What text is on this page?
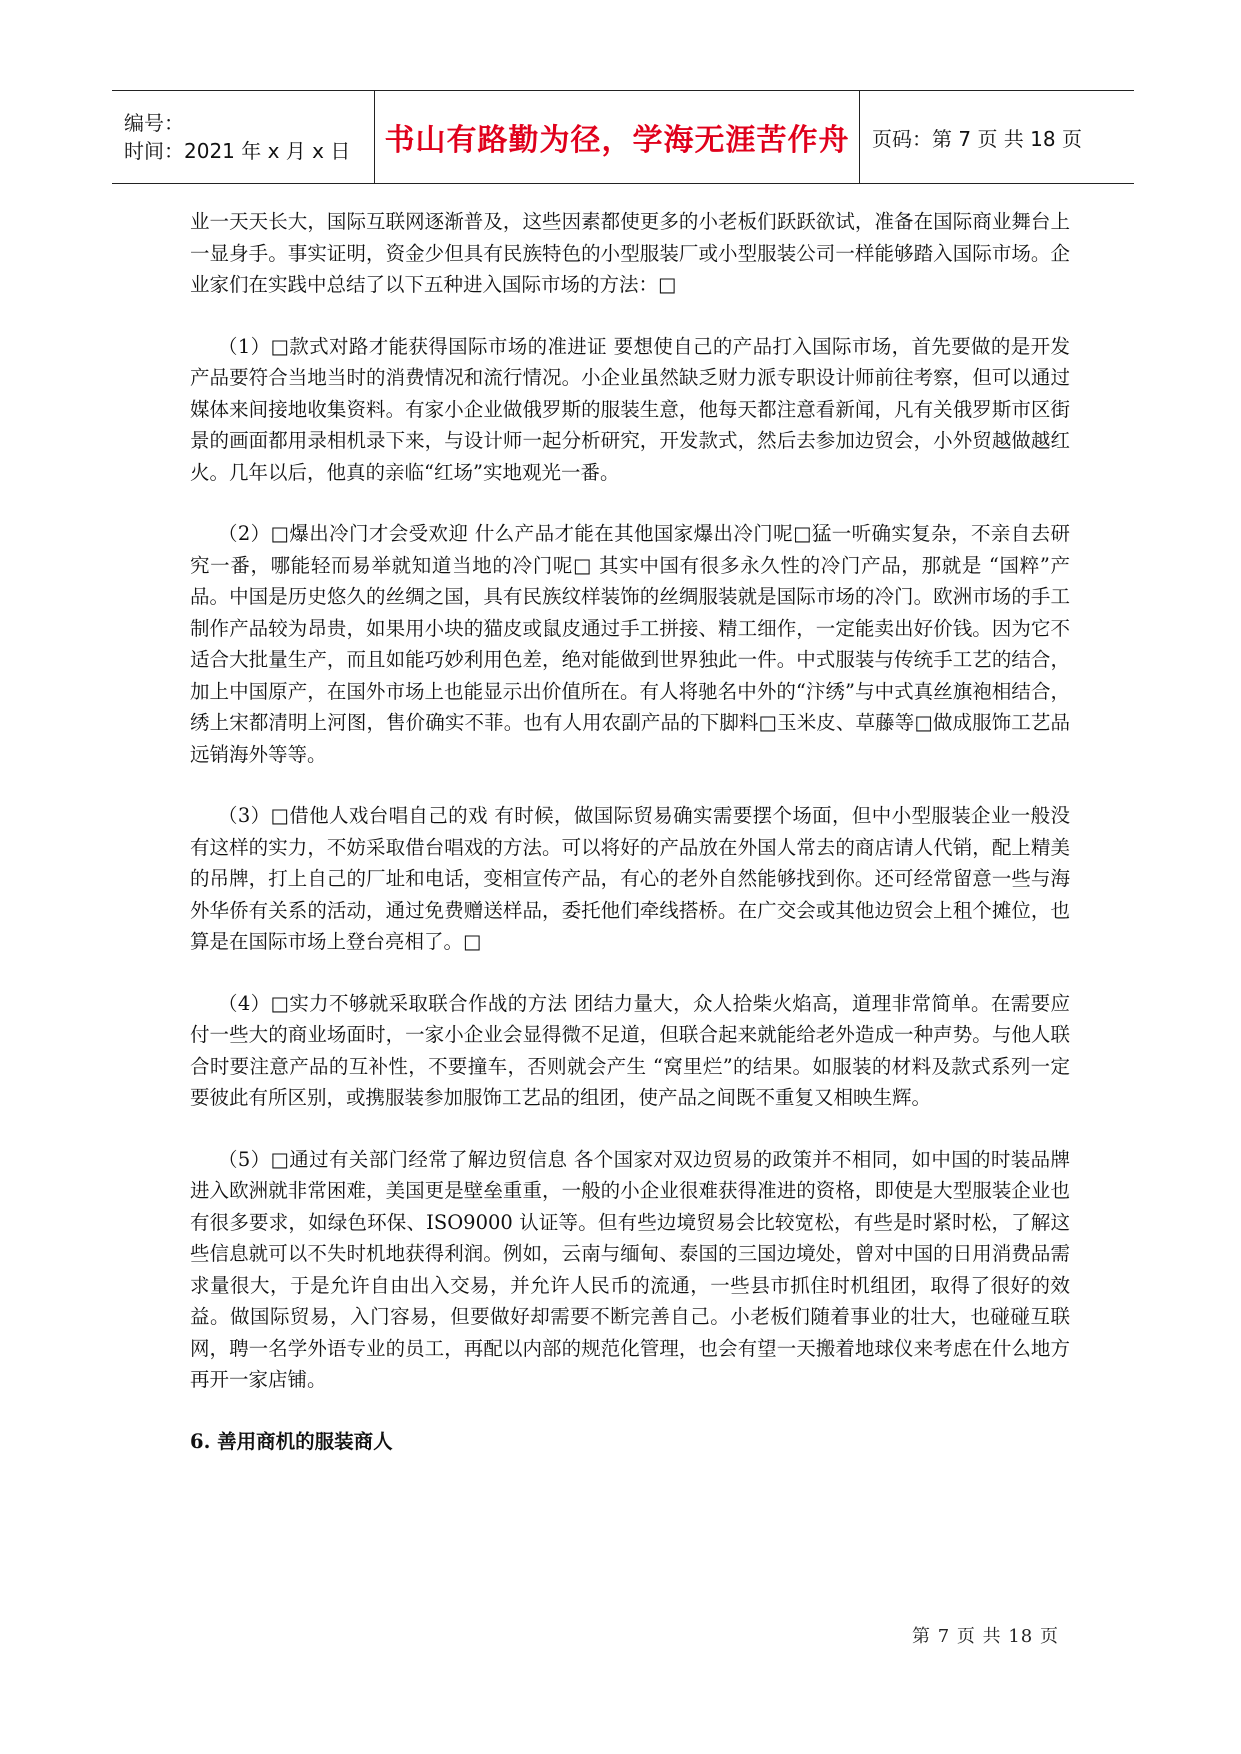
编号：
时间：2021 年 x 月 x 日	书山有路勤为径，学海无涯苦作舟 页码：第 7 页 共 18 页

业一天天长大，国际互联网逐渐普及，这些因素都使更多的小老板们跃跃欲试，准备在国际商业舞台上一显身手。事实证明，资金少但具有民族特色的小型服装厂或小型服装公司一样能够踏入国际市场。企业家们在实践中总结了以下五种进入国际市场的方法：□

（1）□款式对路才能获得国际市场的准进证 要想使自己的产品打入国际市场，首先要做的是开发产品要符合当地当时的消费情况和流行情况。小企业虽然缺乏财力派专职设计师前往考察，但可以通过媒体来间接地收集资料。有家小企业做俄罗斯的服装生意，他每天都注意看新闻，凡有关俄罗斯市区街景的画面都用录相机录下来，与设计师一起分析研究，开发款式，然后去参加边贸会，小外贸越做越红火。几年以后，他真的亲临“红场”实地观光一番。

（2）□爆出冷门才会受欢迎 什么产品才能在其他国家爆出冷门呢□猛一听确实复杂，不亲自去研究一番，哪能轻而易举就知道当地的冷门呢□ 其实中国有很多永久性的冷门产品，那就是 “国粹”产品。中国是历史悠久的丝绸之国，具有民族纹样装饰的丝绸服装就是国际市场的冷门。欧洲市场的手工制作产品较为昂贵，如果用小块的猫皮或鼠皮通过手工拼接、精工细作，一定能卖出好价钱。因为它不适合大批量生产，而且如能巧妙利用色差，绝对能做到世界独此一件。中式服装与传统手工艺的结合，加上中国原产，在国外市场上也能显示出价值所在。有人将驰名中外的“汴绣”与中式真丝旗袍相结合，绣上宋都清明上河图，售价确实不菲。也有人用农副产品的下脚料□玉米皮、草藤等□做成服饰工艺品远销海外等等。

（3）□借他人戏台唱自己的戏 有时候，做国际贸易确实需要摆个场面，但中小型服装企业一般没有这样的实力，不妨采取借台唱戏的方法。可以将好的产品放在外国人常去的商店请人代销，配上精美的吊牌，打上自己的厂址和电话，变相宣传产品，有心的老外自然能够找到你。还可经常留意一些与海外华侨有关系的活动，通过免费赠送样品，委托他们牵线搭桥。在广交会或其他边贸会上租个摊位，也算是在国际市场上登台亮相了。□

（4）□实力不够就采取联合作战的方法 团结力量大，众人拾柴火焰高，道理非常简单。在需要应付一些大的商业场面时，一家小企业会显得微不足道，但联合起来就能给老外造成一种声势。与他人联合时要注意产品的互补性，不要撞车，否则就会产生 “窝里烂”的结果。如服装的材料及款式系列一定要彼此有所区别，或携服装参加服饰工艺品的组团，使产品之间既不重复又相映生辉。

（5）□通过有关部门经常了解边贸信息 各个国家对双边贸易的政策并不相同，如中国的时装品牌进入欧洲就非常困难，美国更是壁垒重重，一般的小企业很难获得准进的资格，即使是大型服装企业也有很多要求，如绿色环保、ISO9000 认证等。但有些边境贸易会比较宽松，有些是时紧时松，了解这些信息就可以不失时机地获得利润。例如，云南与缅甸、泰国的三国边境处，曾对中国的日用消费品需求量很大，于是允许自由出入交易，并允许人民币的流通，一些县市抓住时机组团，取得了很好的效益。做国际贸易，入门容易，但要做好却需要不断完善自己。小老板们随着事业的壮大，也碰碰互联网，聘一名学外语专业的员工，再配以内部的规范化管理，也会有望一天搬着地球仪来考虑在什么地方再开一家店铺。

6. 善用商机的服装商人
第 7 页 共 18 页
